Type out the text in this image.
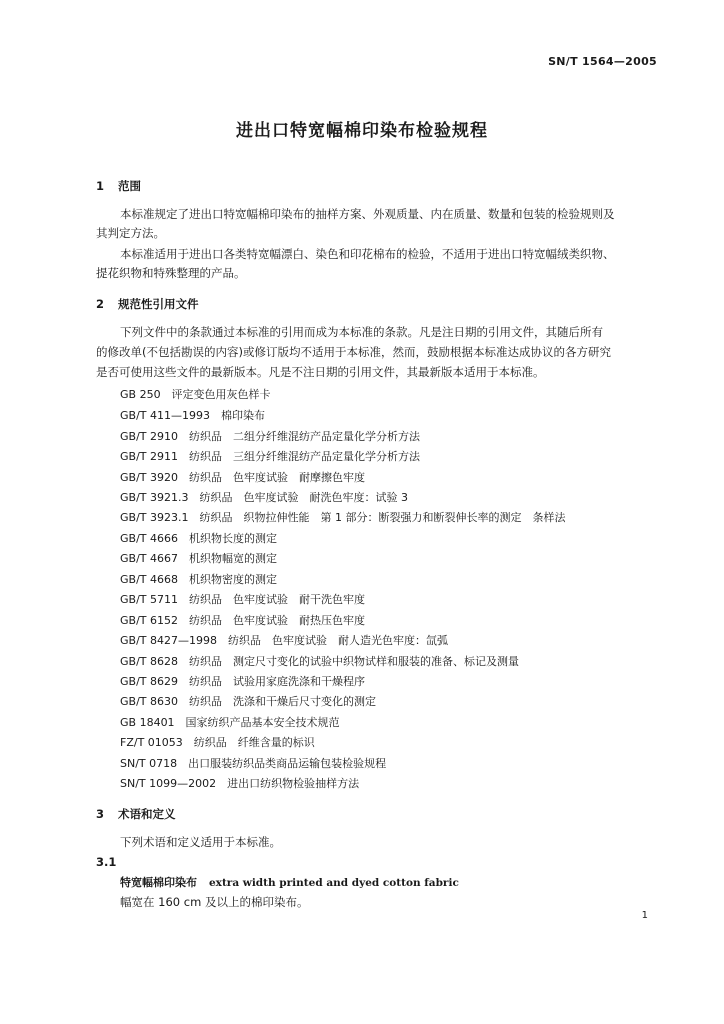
SN/T 1564—2005
进出口特宽幅棉印染布检验规程
1 范围
本标准规定了进出口特宽幅棉印染布的抽样方案、外观质量、内在质量、数量和包装的检验规则及
其判定方法。
本标准适用于进出口各类特宽幅漂白、染色和印花棉布的检验，不适用于进出口特宽幅绒类织物、
提花织物和特殊整理的产品。
2 规范性引用文件
下列文件中的条款通过本标准的引用而成为本标准的条款。凡是注日期的引用文件，其随后所有
的修改单(不包括勘误的内容)或修订版均不适用于本标准，然而，鼓励根据本标准达成协议的各方研究
是否可使用这些文件的最新版本。凡是不注日期的引用文件，其最新版本适用于本标准。
GB 250　评定变色用灰色样卡
GB/T 411—1993　棉印染布
GB/T 2910　纺织品　二组分纤维混纺产品定量化学分析方法
GB/T 2911　纺织品　三组分纤维混纺产品定量化学分析方法
GB/T 3920　纺织品　色牢度试验　耐摩擦色牢度
GB/T 3921.3　纺织品　色牢度试验　耐洗色牢度：试验 3
GB/T 3923.1　纺织品　织物拉伸性能　第 1 部分：断裂强力和断裂伸长率的测定　条样法
GB/T 4666　机织物长度的测定
GB/T 4667　机织物幅宽的测定
GB/T 4668　机织物密度的测定
GB/T 5711　纺织品　色牢度试验　耐干洗色牢度
GB/T 6152　纺织品　色牢度试验　耐热压色牢度
GB/T 8427—1998　纺织品　色牢度试验　耐人造光色牢度：氙弧
GB/T 8628　纺织品　测定尺寸变化的试验中织物试样和服装的准备、标记及测量
GB/T 8629　纺织品　试验用家庭洗涤和干燥程序
GB/T 8630　纺织品　洗涤和干燥后尺寸变化的测定
GB 18401　国家纺织产品基本安全技术规范
FZ/T 01053　纺织品　纤维含量的标识
SN/T 0718　出口服装纺织品类商品运输包装检验规程
SN/T 1099—2002　进出口纺织物检验抽样方法
3 术语和定义
下列术语和定义适用于本标准。
3.1
特宽幅棉印染布 extra width printed and dyed cotton fabric
幅宽在 160 cm 及以上的棉印染布。
1
